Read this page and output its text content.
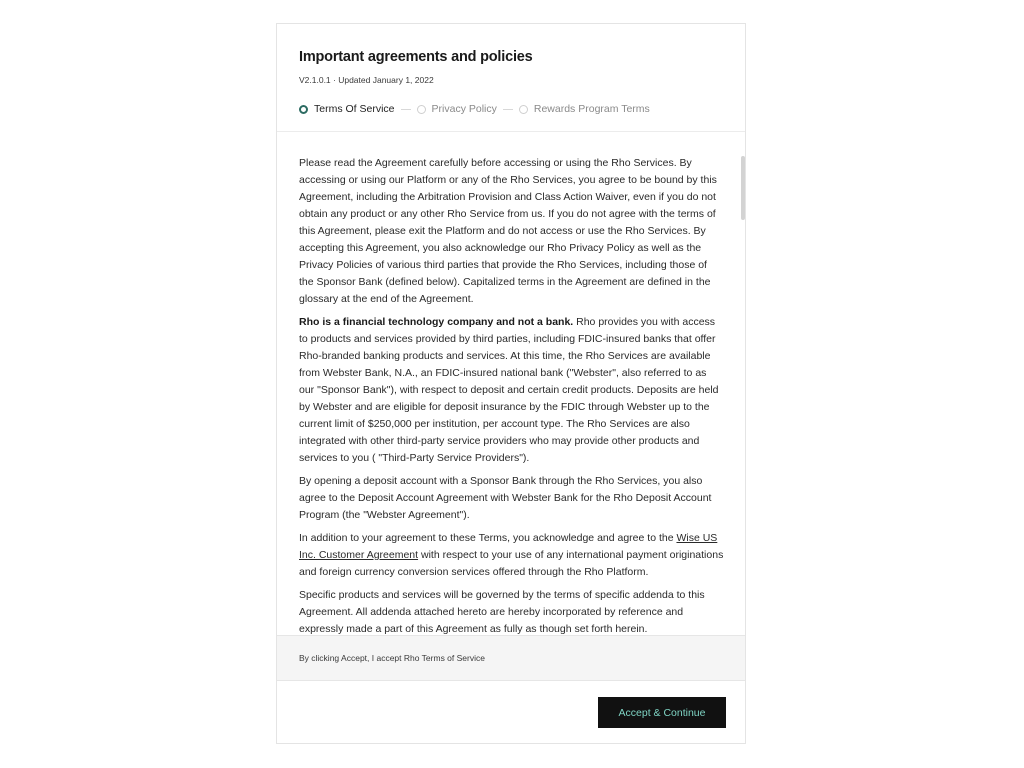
Important agreements and policies
V2.1.0.1 · Updated January 1, 2022
Terms Of Service	Privacy Policy	Rewards Program Terms

Please read the Agreement carefully before accessing or using the Rho Services. By accessing or using our Platform or any of the Rho Services, you agree to be bound by this Agreement, including the Arbitration Provision and Class Action Waiver, even if you do not obtain any product or any other Rho Service from us. If you do not agree with the terms of this Agreement, please exit the Platform and do not access or use the Rho Services. By accepting this Agreement, you also acknowledge our Rho Privacy Policy as well as the Privacy Policies of various third parties that provide the Rho Services, including those of the Sponsor Bank (defined below). Capitalized terms in the Agreement are defined in the glossary at the end of the Agreement.

Rho is a financial technology company and not a bank. Rho provides you with access to products and services provided by third parties, including FDIC-insured banks that offer Rho-branded banking products and services. At this time, the Rho Services are available from Webster Bank, N.A., an FDIC-insured national bank ("Webster", also referred to as our "Sponsor Bank"), with respect to deposit and certain credit products. Deposits are held by Webster and are eligible for deposit insurance by the FDIC through Webster up to the current limit of $250,000 per institution, per account type. The Rho Services are also integrated with other third-party service providers who may provide other products and services to you ( "Third-Party Service Providers").

By opening a deposit account with a Sponsor Bank through the Rho Services, you also agree to the Deposit Account Agreement with Webster Bank for the Rho Deposit Account Program (the "Webster Agreement").

In addition to your agreement to these Terms, you acknowledge and agree to the Wise US Inc. Customer Agreement with respect to your use of any international payment originations and foreign currency conversion services offered through the Rho Platform.

Specific products and services will be governed by the terms of specific addenda to this Agreement. All addenda attached hereto are hereby incorporated by reference and expressly made a part of this Agreement as fully as though set forth herein.

By clicking Accept, I accept Rho Terms of Service
Accept & Continue
